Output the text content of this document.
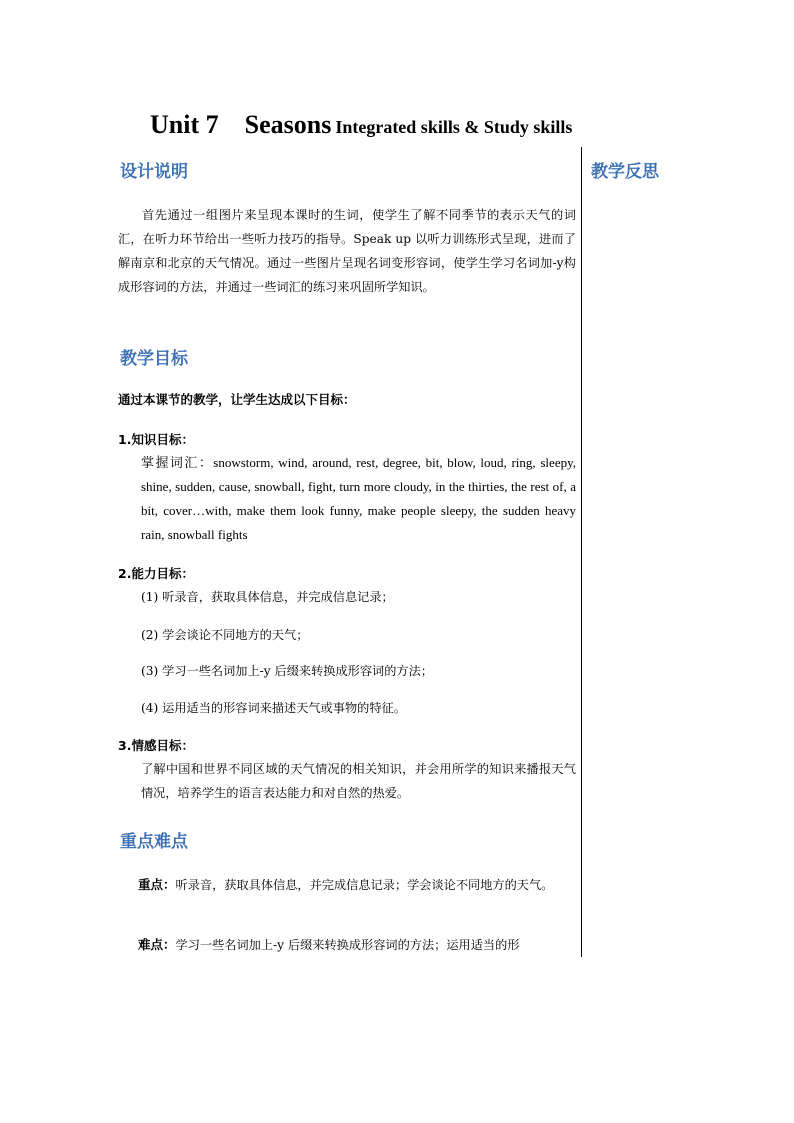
Unit 7 Seasons Integrated skills & Study skills
教学反思
设计说明
首先通过一组图片来呈现本课时的生词，使学生了解不同季节的表示天气的词汇，在听力环节给出一些听力技巧的指导。Speak up 以听力训练形式呈现，进而了解南京和北京的天气情况。通过一些图片呈现名词变形容词，使学生学习名词加-y构成形容词的方法，并通过一些词汇的练习来巩固所学知识。
教学目标
通过本课节的教学，让学生达成以下目标：
1.知识目标：
掌握词汇：snowstorm, wind, around, rest, degree, bit, blow, loud, ring, sleepy, shine, sudden, cause, snowball, fight, turn more cloudy, in the thirties, the rest of, a bit, cover…with, make them look funny, make people sleepy, the sudden heavy rain, snowball fights
2.能力目标：
(1) 听录音，获取具体信息，并完成信息记录；
(2) 学会谈论不同地方的天气；
(3) 学习一些名词加上-y 后缀来转换成形容词的方法；
(4) 运用适当的形容词来描述天气或事物的特征。
3.情感目标：
了解中国和世界不同区域的天气情况的相关知识，并会用所学的知识来播报天气情况，培养学生的语言表达能力和对自然的热爱。
重点难点
重点：听录音，获取具体信息，并完成信息记录；学会谈论不同地方的天气。
难点：学习一些名词加上-y 后缀来转换成形容词的方法；运用适当的形
